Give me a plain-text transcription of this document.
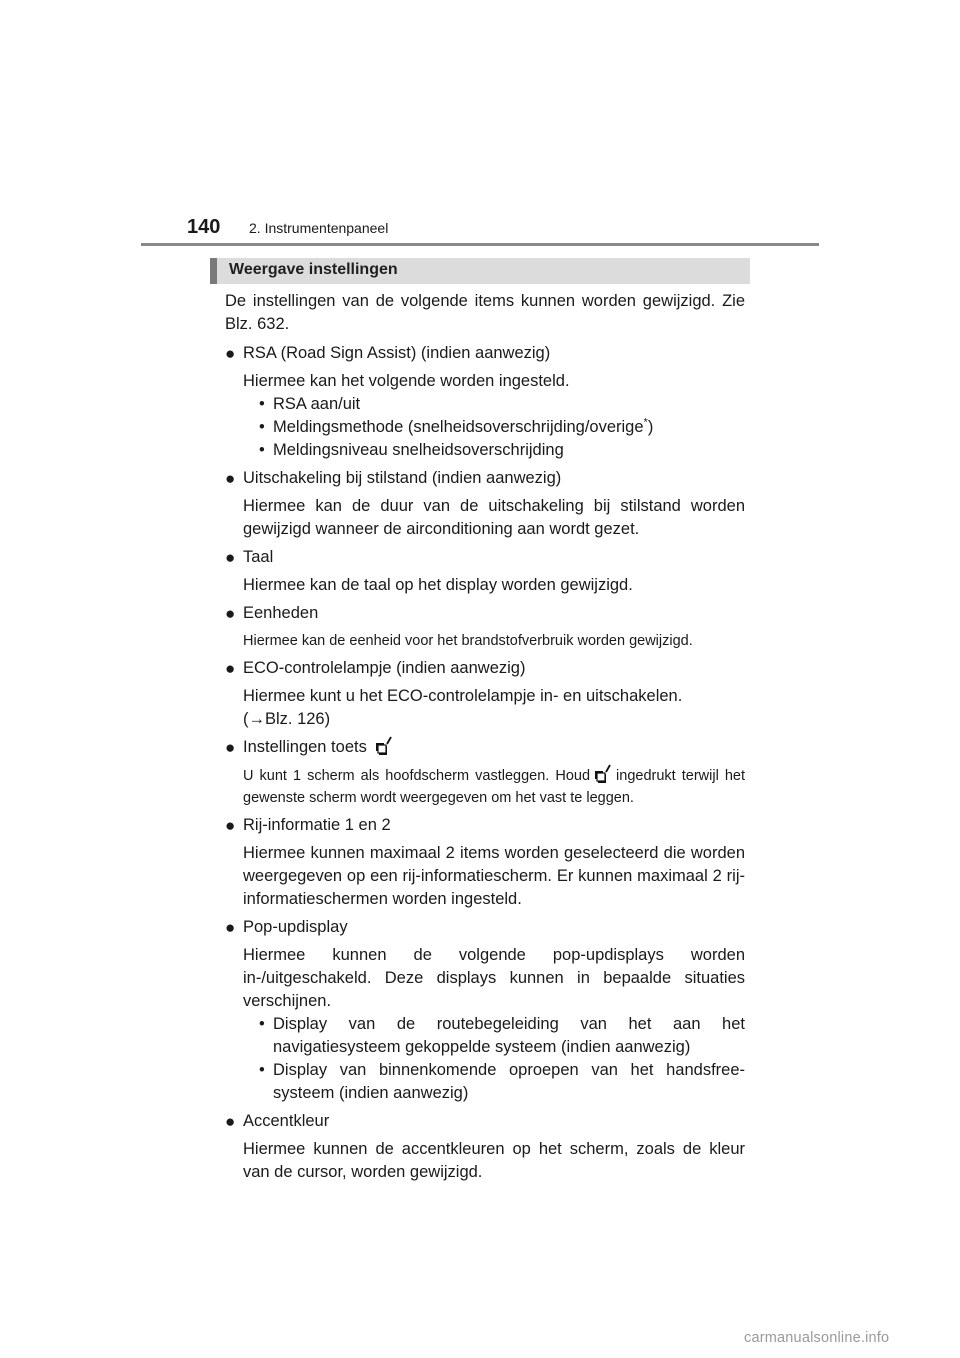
140 2. Instrumentenpaneel
Weergave instellingen

De instellingen van de volgende items kunnen worden gewijzigd. Zie Blz. 632.

● RSA (Road Sign Assist) (indien aanwezig)
Hiermee kan het volgende worden ingesteld.
• RSA aan/uit
• Meldingsmethode (snelheidsoverschrijding/overige*)
• Meldingsniveau snelheidsoverschrijding
● Uitschakeling bij stilstand (indien aanwezig)
Hiermee kan de duur van de uitschakeling bij stilstand worden gewijzigd wanneer de airconditioning aan wordt gezet.
● Taal
Hiermee kan de taal op het display worden gewijzigd.
● Eenheden
Hiermee kan de eenheid voor het brandstofverbruik worden gewijzigd.
● ECO-controlelampje (indien aanwezig)
Hiermee kunt u het ECO-controlelampje in- en uitschakelen.
(→Blz. 126)
● Instellingen toets
U kunt 1 scherm als hoofdscherm vastleggen. Houd ingedrukt terwijl het gewenste scherm wordt weergegeven om het vast te leggen.
● Rij-informatie 1 en 2
Hiermee kunnen maximaal 2 items worden geselecteerd die worden weergegeven op een rij-informatiescherm. Er kunnen maximaal 2 rij-informatieschermen worden ingesteld.
● Pop-updisplay
Hiermee kunnen de volgende pop-updisplays worden in-/uitgeschakeld. Deze displays kunnen in bepaalde situaties verschijnen.
• Display van de routebegeleiding van het aan het navigatiesysteem gekoppelde systeem (indien aanwezig)
• Display van binnenkomende oproepen van het handsfree-systeem (indien aanwezig)
● Accentkleur
Hiermee kunnen de accentkleuren op het scherm, zoals de kleur van de cursor, worden gewijzigd.
carmanualsonline.info
